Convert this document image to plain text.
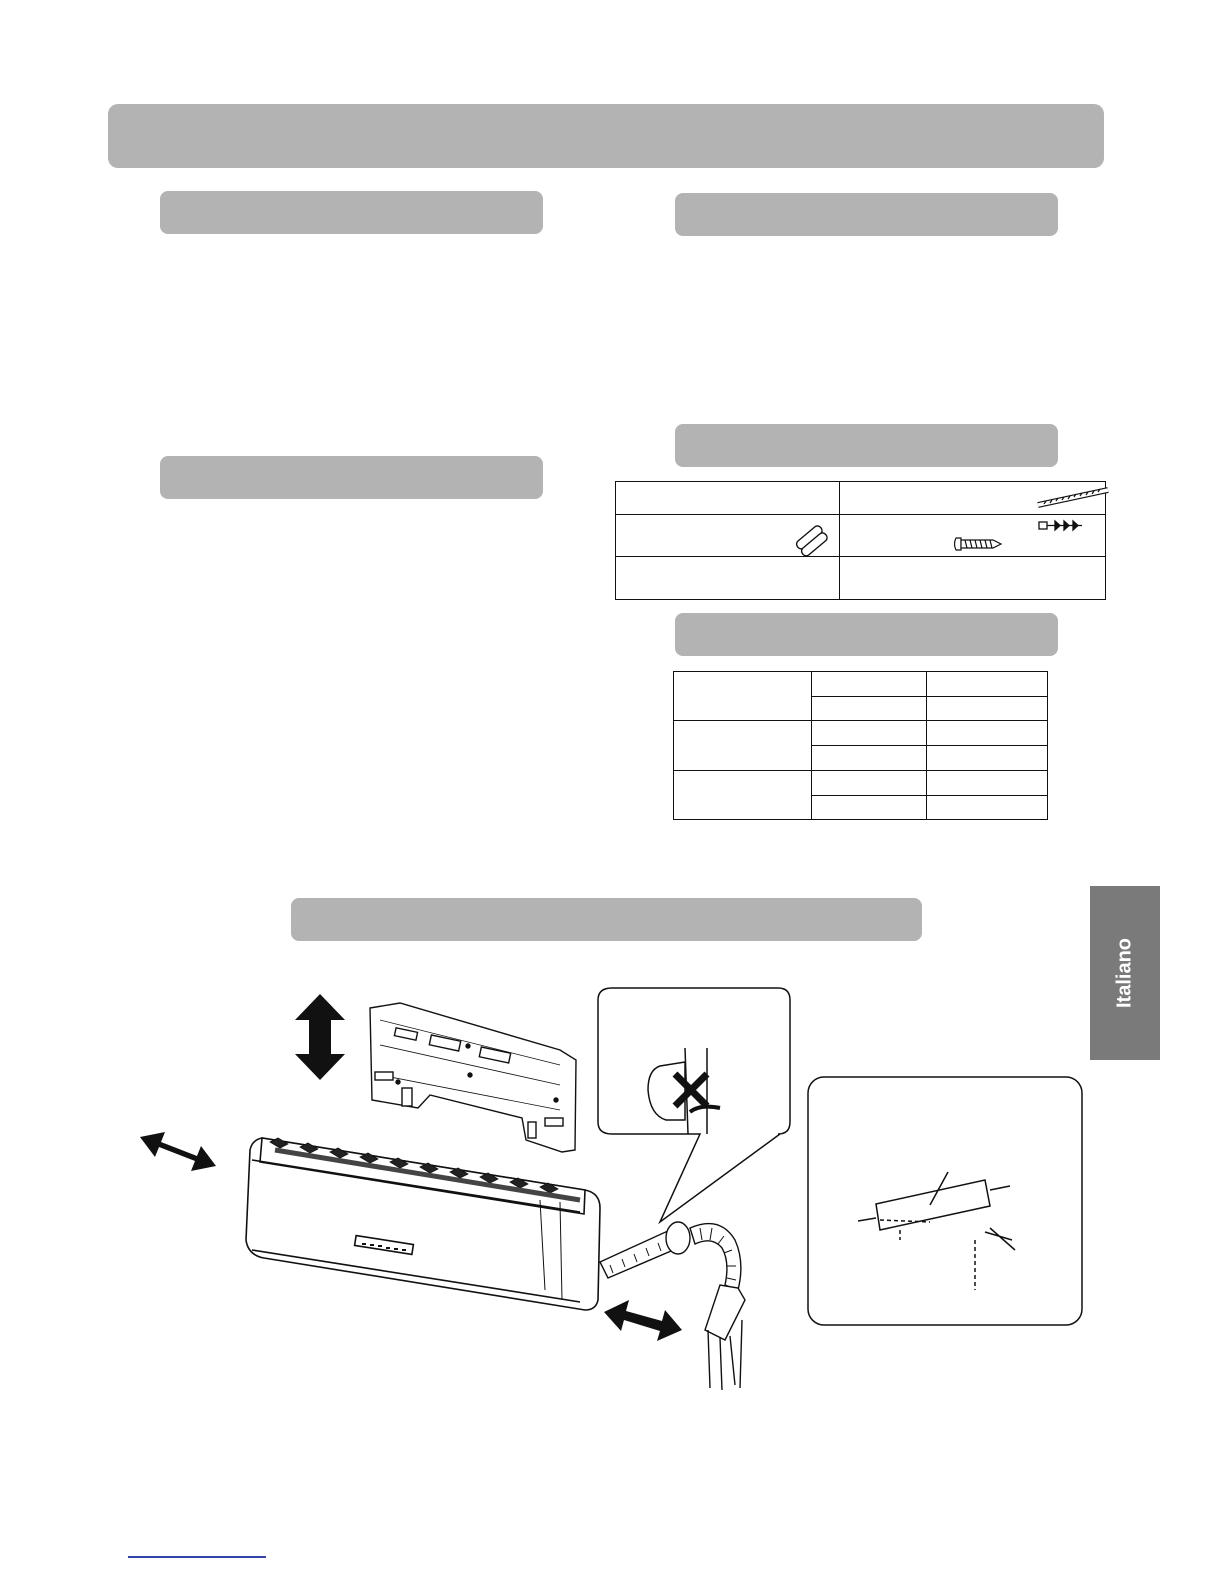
Italiano
